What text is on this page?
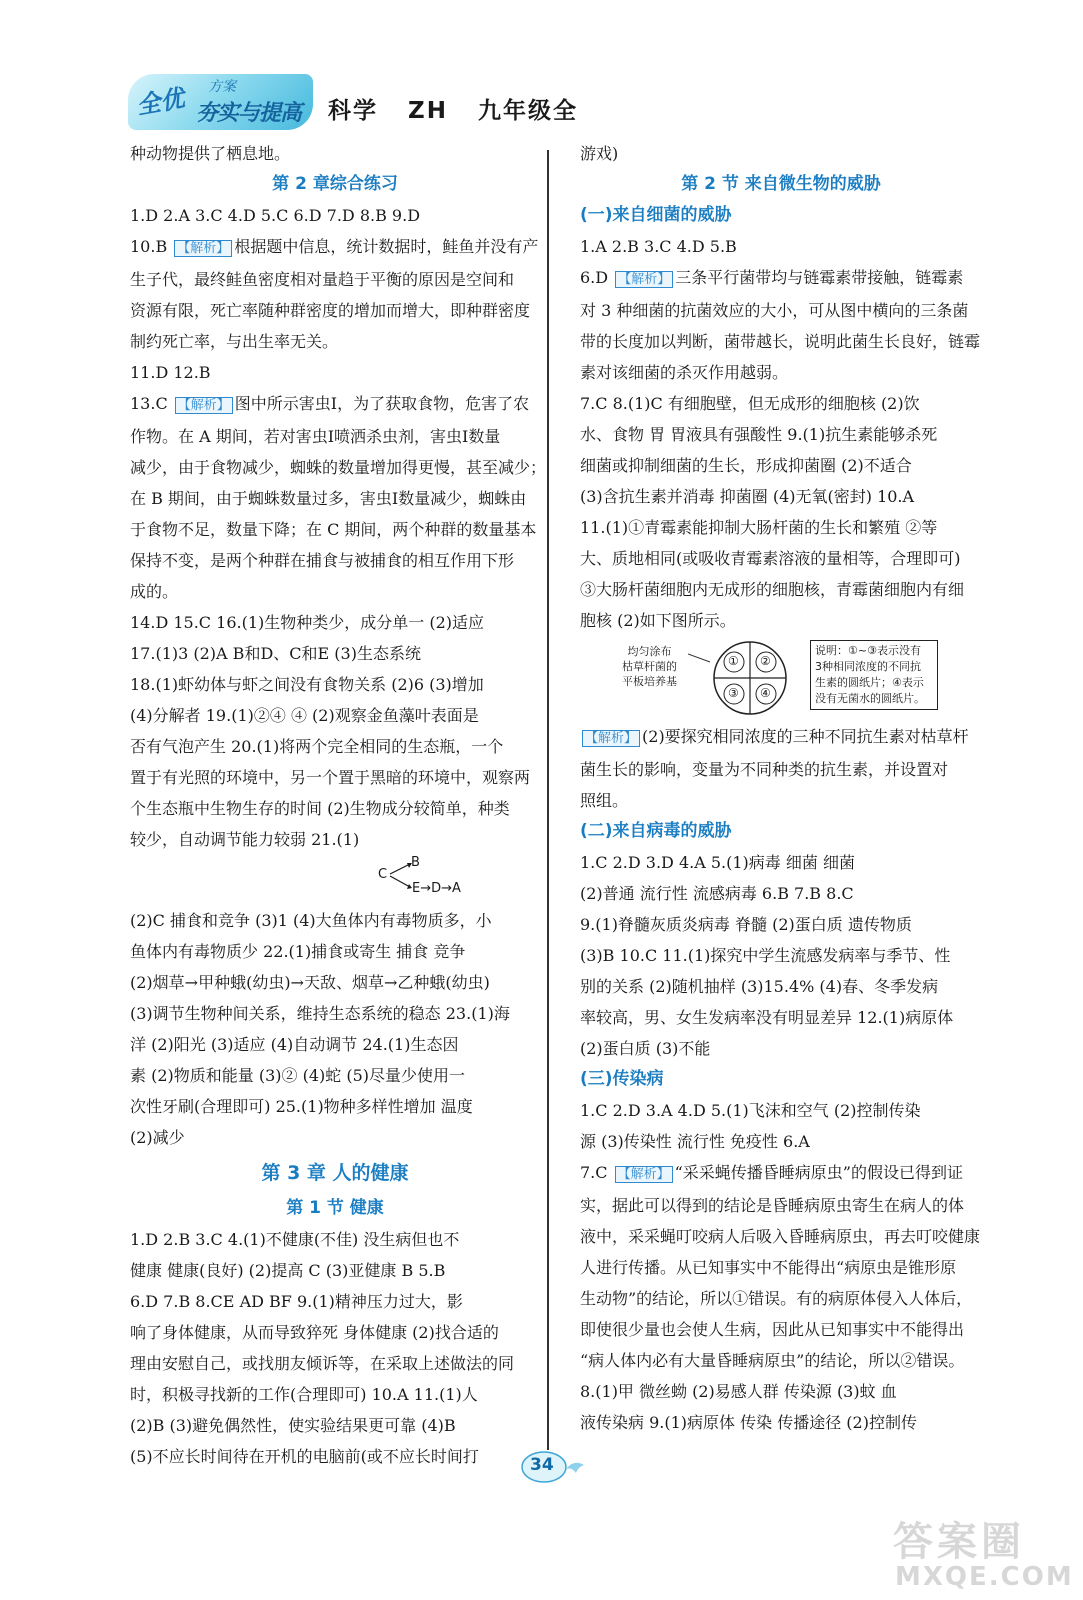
全优 方案
夯实与提高 科学   ZH   九年级全
种动物提供了栖息地。
第 2 章综合练习
1.D 2.A 3.C 4.D 5.C 6.D 7.D 8.B 9.D
10.B 【解析】 根据题中信息，统计数据时，鲑鱼并没有产
生子代，最终鲑鱼密度相对量趋于平衡的原因是空间和
资源有限，死亡率随种群密度的增加而增大，即种群密度
制约死亡率，与出生率无关。
11.D 12.B
13.C 【解析】 图中所示害虫Ⅰ，为了获取食物，危害了农
作物。在 A 期间，若对害虫Ⅰ喷洒杀虫剂，害虫Ⅰ数量
减少，由于食物减少，蜘蛛的数量增加得更慢，甚至减少；
在 B 期间，由于蜘蛛数量过多，害虫Ⅰ数量减少，蜘蛛由
于食物不足，数量下降；在 C 期间，两个种群的数量基本
保持不变，是两个种群在捕食与被捕食的相互作用下形
成的。
14.D 15.C 16.(1)生物种类少，成分单一 (2)适应
17.(1)3 (2)A B和D、C和E (3)生态系统
18.(1)虾幼体与虾之间没有食物关系 (2)6 (3)增加
(4)分解者 19.(1)②④ ④ (2)观察金鱼藻叶表面是
否有气泡产生 20.(1)将两个完全相同的生态瓶，一个
置于有光照的环境中，另一个置于黑暗的环境中，观察两
个生态瓶中生物生存的时间 (2)生物成分较简单，种类
较少，自动调节能力较弱 21.(1)
B
C
E→D→A
(2)C 捕食和竞争 (3)1 (4)大鱼体内有毒物质多，小
鱼体内有毒物质少 22.(1)捕食或寄生 捕食 竞争
(2)烟草→甲种蛾(幼虫)→天敌、烟草→乙种蛾(幼虫)
(3)调节生物种间关系，维持生态系统的稳态 23.(1)海
洋 (2)阳光 (3)适应 (4)自动调节 24.(1)生态因
素 (2)物质和能量 (3)② (4)蛇 (5)尽量少使用一
次性牙刷(合理即可) 25.(1)物种多样性增加 温度
(2)减少
第 3 章 人的健康
第 1 节 健康
1.D 2.B 3.C 4.(1)不健康(不佳) 没生病但也不
健康 健康(良好) (2)提高 C (3)亚健康 B 5.B
6.D 7.B 8.CE AD BF 9.(1)精神压力过大，影
响了身体健康，从而导致猝死 身体健康 (2)找合适的
理由安慰自己，或找朋友倾诉等，在采取上述做法的同
时，积极寻找新的工作(合理即可) 10.A 11.(1)人
(2)B (3)避免偶然性，使实验结果更可靠 (4)B
(5)不应长时间待在开机的电脑前(或不应长时间打
游戏)
第 2 节 来自微生物的威胁
(一)来自细菌的威胁
1.A 2.B 3.C 4.D 5.B
6.D 【解析】 三条平行菌带均与链霉素带接触，链霉素
对 3 种细菌的抗菌效应的大小，可从图中横向的三条菌
带的长度加以判断，菌带越长，说明此菌生长良好，链霉
素对该细菌的杀灭作用越弱。
7.C 8.(1)C 有细胞壁，但无成形的细胞核 (2)饮
水、食物 胃 胃液具有强酸性 9.(1)抗生素能够杀死
细菌或抑制细菌的生长，形成抑菌圈 (2)不适合
(3)含抗生素并消毒 抑菌圈 (4)无氧(密封) 10.A
11.(1)①青霉素能抑制大肠杆菌的生长和繁殖 ②等
大、质地相同(或吸收青霉素溶液的量相等，合理即可)
③大肠杆菌细胞内无成形的细胞核，青霉菌细胞内有细
胞核 (2)如下图所示。
均匀涂布
枯草杆菌的
平板培养基
① ②
③ ④
说明：①~③表示没有
3种相同浓度的不同抗
生素的圆纸片；④表示
没有无菌水的圆纸片。
【解析】 (2)要探究相同浓度的三种不同抗生素对枯草杆
菌生长的影响，变量为不同种类的抗生素，并设置对
照组。
(二)来自病毒的威胁
1.C 2.D 3.D 4.A 5.(1)病毒 细菌 细菌
(2)普通 流行性 流感病毒 6.B 7.B 8.C
9.(1)脊髓灰质炎病毒 脊髓 (2)蛋白质 遗传物质
(3)B 10.C 11.(1)探究中学生流感发病率与季节、性
别的关系 (2)随机抽样 (3)15.4% (4)春、冬季发病
率较高，男、女生发病率没有明显差异 12.(1)病原体
(2)蛋白质 (3)不能
(三)传染病
1.C 2.D 3.A 4.D 5.(1)飞沫和空气 (2)控制传染
源 (3)传染性 流行性 免疫性 6.A
7.C 【解析】 “采采蝇传播昏睡病原虫”的假设已得到证
实，据此可以得到的结论是昏睡病原虫寄生在病人的体
液中，采采蝇叮咬病人后吸入昏睡病原虫，再去叮咬健康
人进行传播。从已知事实中不能得出“病原虫是锥形原
生动物”的结论，所以①错误。有的病原体侵入人体后，
即使很少量也会使人生病，因此从已知事实中不能得出
“病人体内必有大量昏睡病原虫”的结论，所以②错误。
8.(1)甲 微丝蚴 (2)易感人群 传染源 (3)蚊 血
液传染病 9.(1)病原体 传染 传播途径 (2)控制传
34
答案圈
MXQE.COM
